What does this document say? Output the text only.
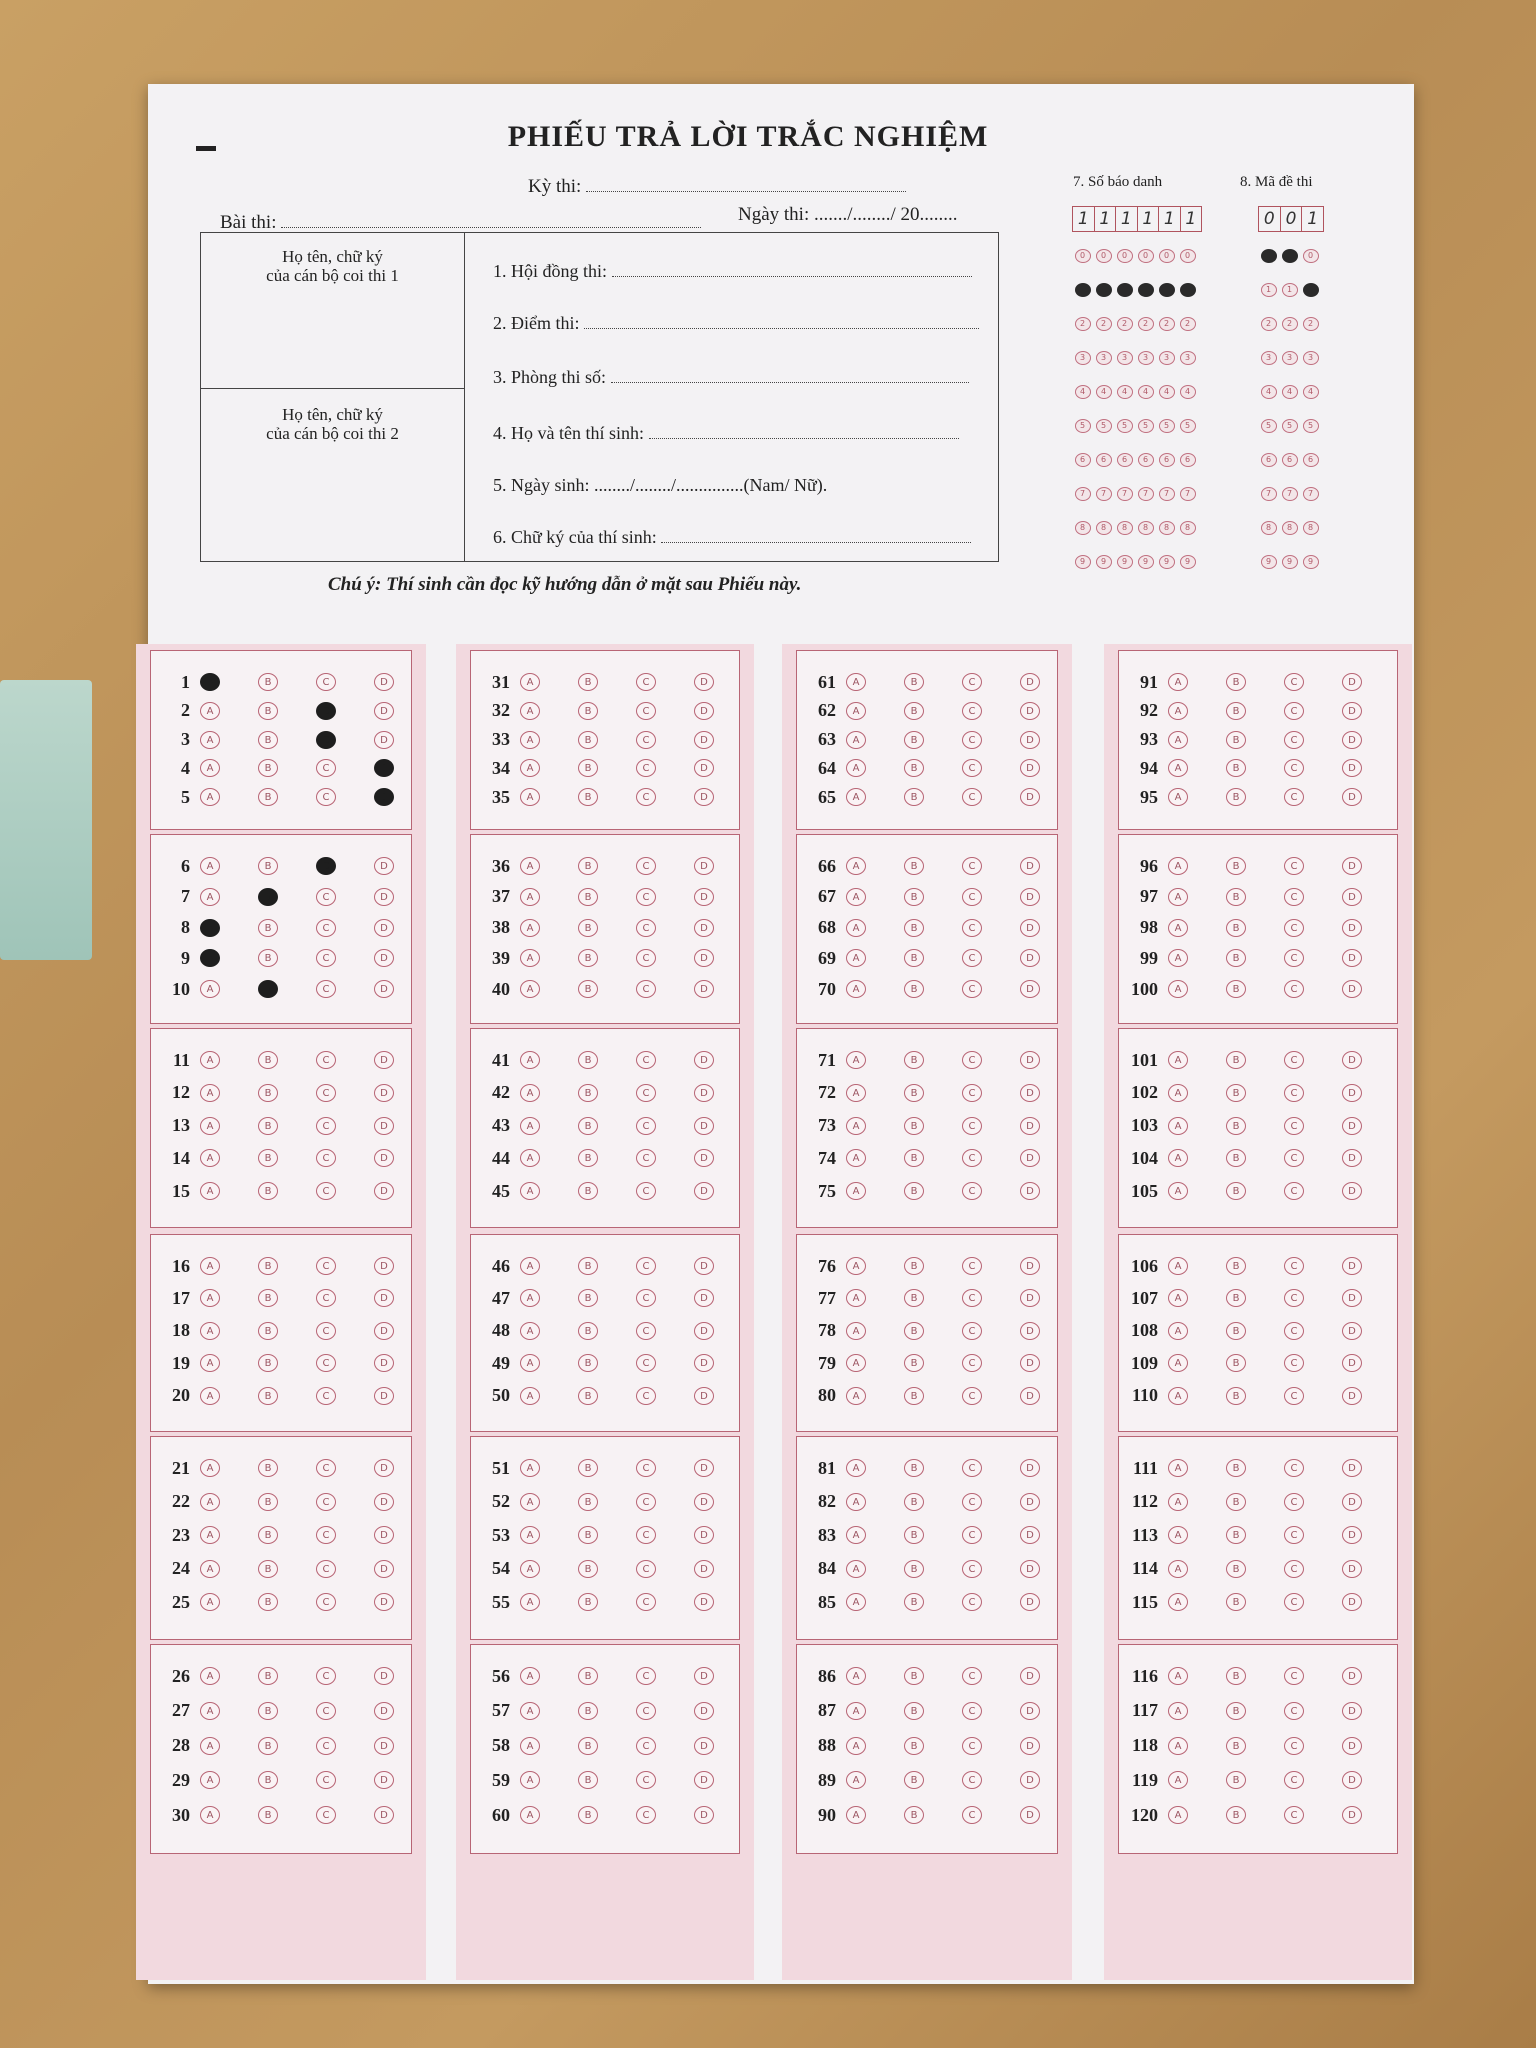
PHIẾU TRẢ LỜI TRẮC NGHIỆM
Kỳ thi:
Bài thi:	Ngày thi: ......./......../ 20........
7. Số báo danh	8. Mã đề thi
1 1 1 1 1 1	0 0 1
0	0	0	0	0	0
1	1	1	1	1	1
2	2	2	2	2	2
3	3	3	3	3	3
4	4	4	4	4	4
5	5	5	5	5	5
6	6	6	6	6	6
7	7	7	7	7	7
8	8	8	8	8	8
9	9	9	9	9	9
0	0	0
1	1	1
2	2	2
3	3	3
4	4	4
5	5	5
6	6	6
7	7	7
8	8	8
9	9	9
Họ tên, chữ ký
của cán bộ coi thi 1
Họ tên, chữ ký
của cán bộ coi thi 2
1. Hội đồng thi:
2. Điểm thi:
3. Phòng thi số:
4. Họ và tên thí sinh:
5. Ngày sinh: ......../......../...............(Nam/ Nữ).
6. Chữ ký của thí sinh:
Chú ý: Thí sinh cần đọc kỹ hướng dẫn ở mặt sau Phiếu này.
1	A	B	C	D
2	A	B	C	D
3	A	B	C	D
4	A	B	C	D
5	A	B	C	D
6	A	B	C	D
7	A	B	C	D
8	A	B	C	D
9	A	B	C	D
10	A	B	C	D
11	A	B	C	D
12	A	B	C	D
13	A	B	C	D
14	A	B	C	D
15	A	B	C	D
16	A	B	C	D
17	A	B	C	D
18	A	B	C	D
19	A	B	C	D
20	A	B	C	D
21	A	B	C	D
22	A	B	C	D
23	A	B	C	D
24	A	B	C	D
25	A	B	C	D
26	A	B	C	D
27	A	B	C	D
28	A	B	C	D
29	A	B	C	D
30	A	B	C	D
31	A	B	C	D
32	A	B	C	D
33	A	B	C	D
34	A	B	C	D
35	A	B	C	D
36	A	B	C	D
37	A	B	C	D
38	A	B	C	D
39	A	B	C	D
40	A	B	C	D
41	A	B	C	D
42	A	B	C	D
43	A	B	C	D
44	A	B	C	D
45	A	B	C	D
46	A	B	C	D
47	A	B	C	D
48	A	B	C	D
49	A	B	C	D
50	A	B	C	D
51	A	B	C	D
52	A	B	C	D
53	A	B	C	D
54	A	B	C	D
55	A	B	C	D
56	A	B	C	D
57	A	B	C	D
58	A	B	C	D
59	A	B	C	D
60	A	B	C	D
61	A	B	C	D
62	A	B	C	D
63	A	B	C	D
64	A	B	C	D
65	A	B	C	D
66	A	B	C	D
67	A	B	C	D
68	A	B	C	D
69	A	B	C	D
70	A	B	C	D
71	A	B	C	D
72	A	B	C	D
73	A	B	C	D
74	A	B	C	D
75	A	B	C	D
76	A	B	C	D
77	A	B	C	D
78	A	B	C	D
79	A	B	C	D
80	A	B	C	D
81	A	B	C	D
82	A	B	C	D
83	A	B	C	D
84	A	B	C	D
85	A	B	C	D
86	A	B	C	D
87	A	B	C	D
88	A	B	C	D
89	A	B	C	D
90	A	B	C	D
91	A	B	C	D
92	A	B	C	D
93	A	B	C	D
94	A	B	C	D
95	A	B	C	D
96	A	B	C	D
97	A	B	C	D
98	A	B	C	D
99	A	B	C	D
100	A	B	C	D
101	A	B	C	D
102	A	B	C	D
103	A	B	C	D
104	A	B	C	D
105	A	B	C	D
106	A	B	C	D
107	A	B	C	D
108	A	B	C	D
109	A	B	C	D
110	A	B	C	D
111	A	B	C	D
112	A	B	C	D
113	A	B	C	D
114	A	B	C	D
115	A	B	C	D
116	A	B	C	D
117	A	B	C	D
118	A	B	C	D
119	A	B	C	D
120	A	B	C	D
